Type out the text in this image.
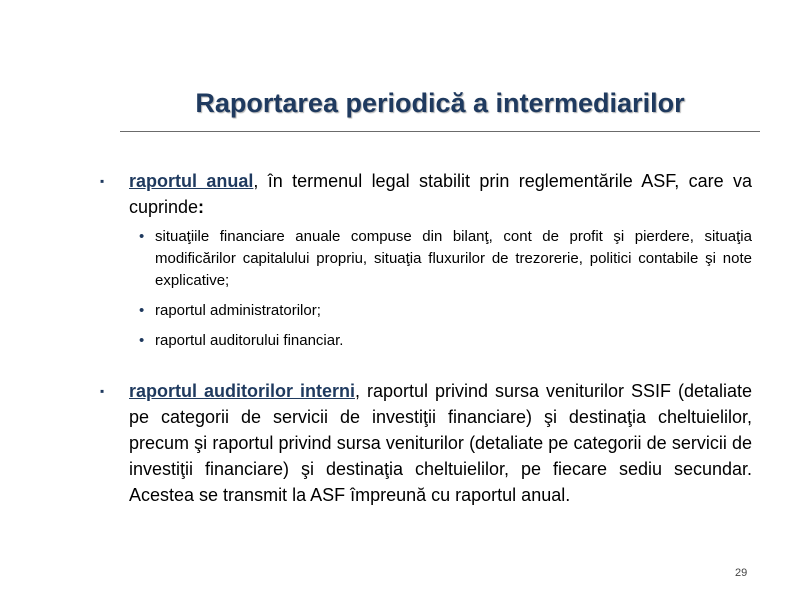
Raportarea periodică a intermediarilor
▪ raportul anual, în termenul legal stabilit prin reglementările ASF, care va cuprinde:
• situaţiile financiare anuale compuse din bilanţ, cont de profit şi pierdere, situaţia modificărilor capitalului propriu, situaţia fluxurilor de trezorerie, politici contabile şi note explicative;
• raportul administratorilor;
• raportul auditorului financiar.
▪ raportul auditorilor interni, raportul privind sursa veniturilor SSIF (detaliate pe categorii de servicii de investiţii financiare) şi destinaţia cheltuielilor, precum şi raportul privind sursa veniturilor (detaliate pe categorii de servicii de investiţii financiare) şi destinaţia cheltuielilor, pe fiecare sediu secundar. Acestea se transmit la ASF împreună cu raportul anual.
29
